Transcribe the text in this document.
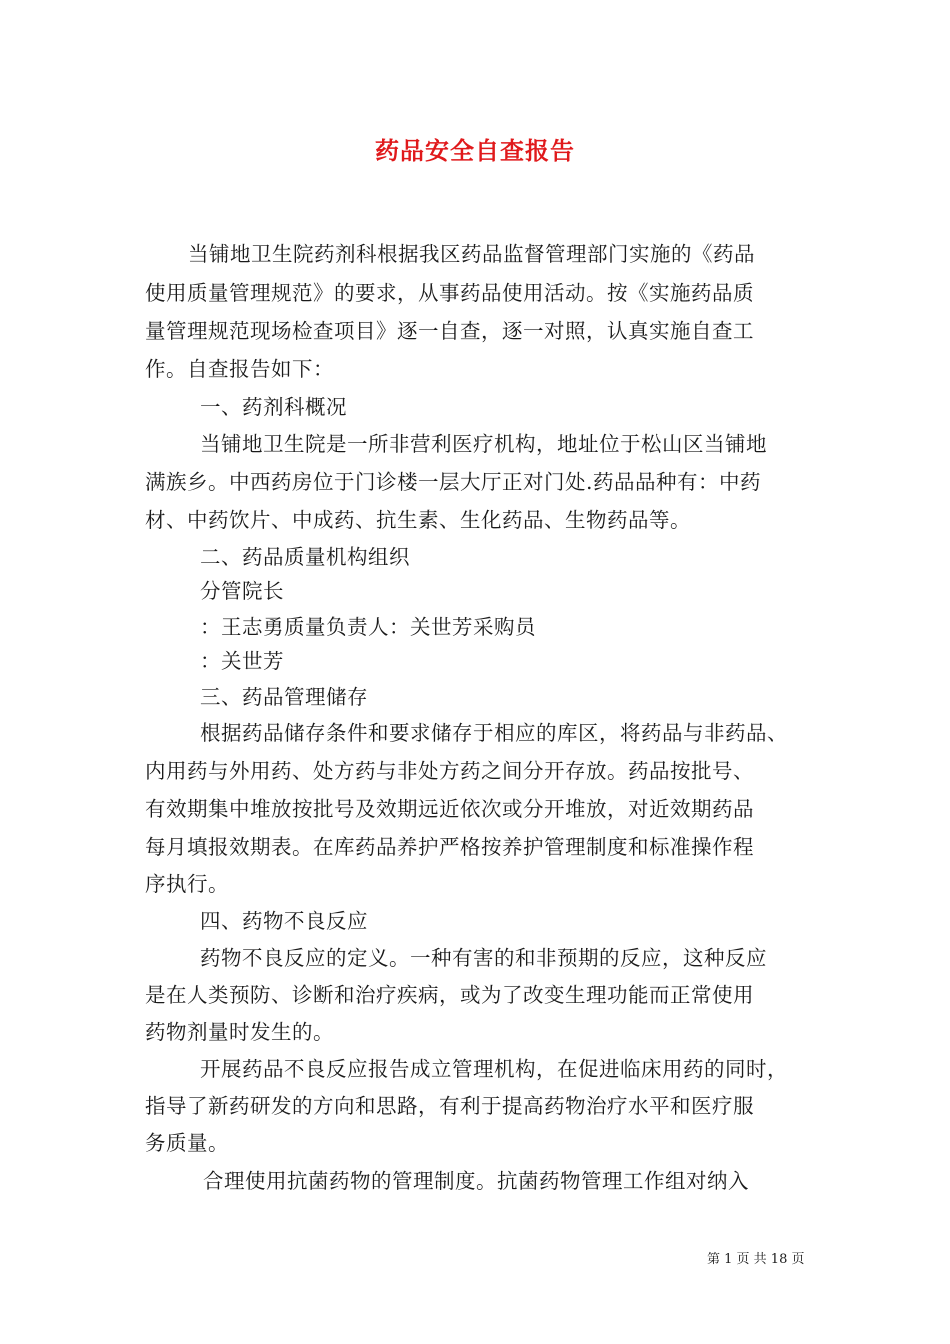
药品安全自查报告
当铺地卫生院药剂科根据我区药品监督管理部门实施的《药品
使用质量管理规范》的要求，从事药品使用活动。按《实施药品质
量管理规范现场检查项目》逐一自查，逐一对照，认真实施自查工
作。自查报告如下：
一、药剂科概况
当铺地卫生院是一所非营利医疗机构，地址位于松山区当铺地
满族乡。中西药房位于门诊楼一层大厅正对门处.药品品种有：中药
材、中药饮片、中成药、抗生素、生化药品、生物药品等。
二、药品质量机构组织
分管院长
：王志勇质量负责人：关世芳采购员
：关世芳
三、药品管理储存
根据药品储存条件和要求储存于相应的库区，将药品与非药品、
内用药与外用药、处方药与非处方药之间分开存放。药品按批号、
有效期集中堆放按批号及效期远近依次或分开堆放，对近效期药品
每月填报效期表。在库药品养护严格按养护管理制度和标准操作程
序执行。
四、药物不良反应
药物不良反应的定义。一种有害的和非预期的反应，这种反应
是在人类预防、诊断和治疗疾病，或为了改变生理功能而正常使用
药物剂量时发生的。
开展药品不良反应报告成立管理机构，在促进临床用药的同时，
指导了新药研发的方向和思路，有利于提高药物治疗水平和医疗服
务质量。
合理使用抗菌药物的管理制度。抗菌药物管理工作组对纳入
第 1 页 共 18 页
